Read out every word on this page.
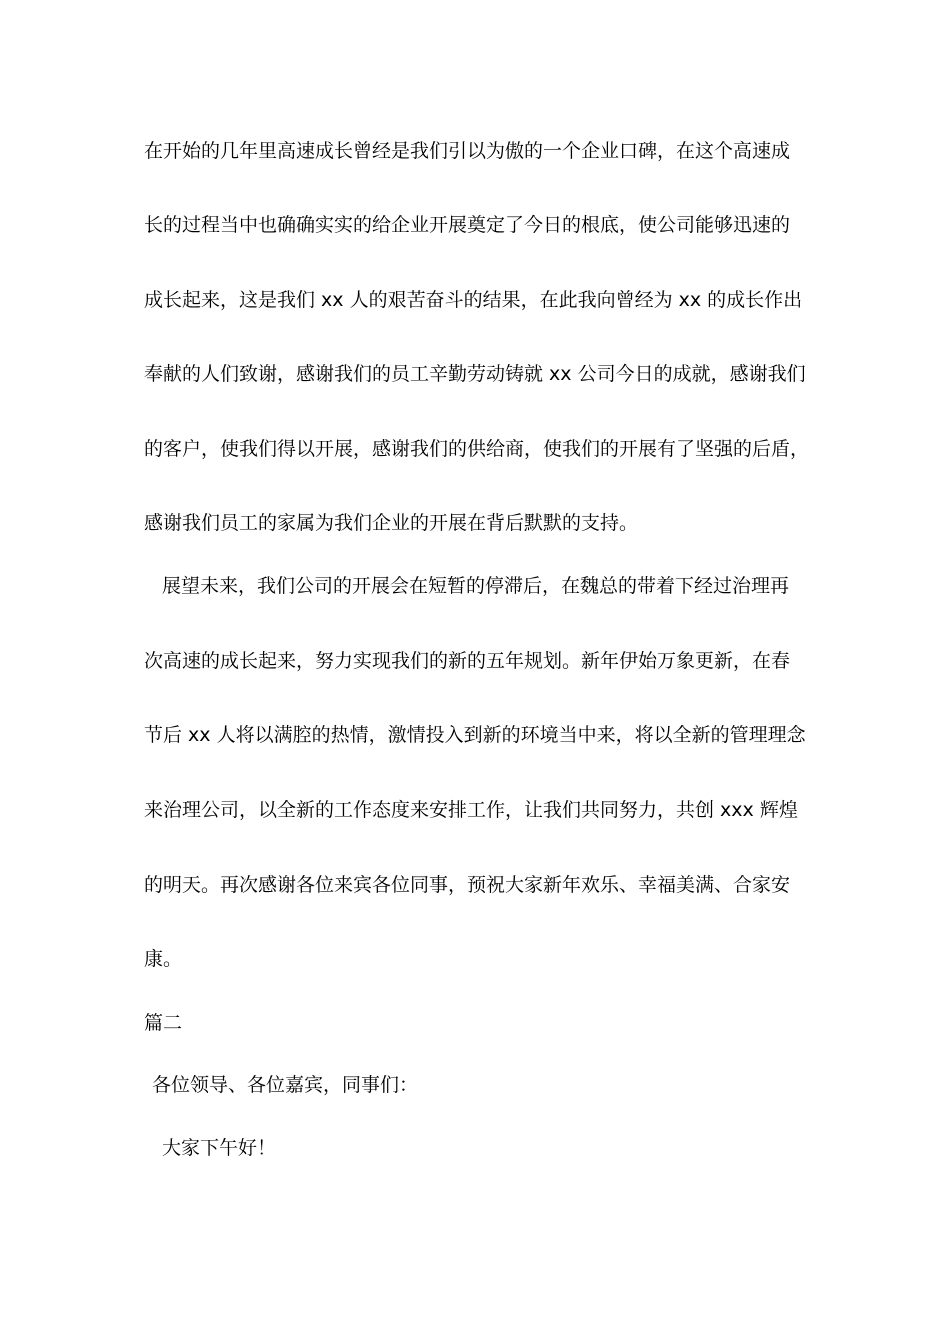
在开始的几年里高速成长曾经是我们引以为傲的一个企业口碑，在这个高速成
长的过程当中也确确实实的给企业开展奠定了今日的根底，使公司能够迅速的
成长起来，这是我们 xx 人的艰苦奋斗的结果，在此我向曾经为 xx 的成长作出
奉献的人们致谢，感谢我们的员工辛勤劳动铸就 xx 公司今日的成就，感谢我们
的客户，使我们得以开展，感谢我们的供给商，使我们的开展有了坚强的后盾，
感谢我们员工的家属为我们企业的开展在背后默默的支持。
展望未来，我们公司的开展会在短暂的停滞后，在魏总的带着下经过治理再
次高速的成长起来，努力实现我们的新的五年规划。新年伊始万象更新，在春
节后 xx 人将以满腔的热情，激情投入到新的环境当中来，将以全新的管理理念
来治理公司，以全新的工作态度来安排工作，让我们共同努力，共创 xxx 辉煌
的明天。再次感谢各位来宾各位同事，预祝大家新年欢乐、幸福美满、合家安
康。
篇二
各位领导、各位嘉宾，同事们：
大家下午好！
